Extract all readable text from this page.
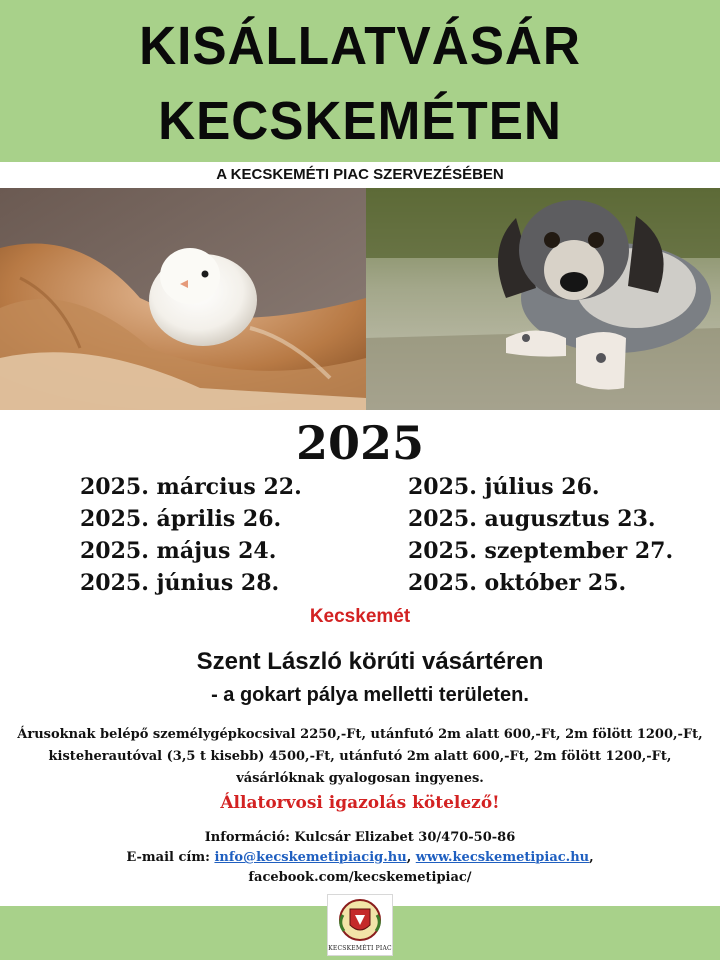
KISÁLLATVÁSÁR
KECSKEMÉTEN
A KECSKEMÉTI PIAC SZERVEZÉSÉBEN
2025
2025. március 22.
2025. április 26.
2025. május 24.
2025. június 28.
2025. július 26.
2025. augusztus 23.
2025. szeptember 27.
2025. október 25.
Kecskemét
Szent László körúti vásártéren
- a gokart pálya melletti területen.
Árusoknak belépő személygépkocsival 2250,-Ft, utánfutó 2m alatt 600,-Ft, 2m fölött 1200,-Ft,
kisteherautóval (3,5 t kisebb) 4500,-Ft, utánfutó 2m alatt 600,-Ft, 2m fölött 1200,-Ft,
vásárlóknak gyalogosan ingyenes.
Állatorvosi igazolás kötelező!
Információ: Kulcsár Elizabet 30/470-50-86
E-mail cím: info@kecskemetipiacig.hu, www.kecskemetipiac.hu,
facebook.com/kecskemetipiac/
KECSKEMÉTI PIAC
